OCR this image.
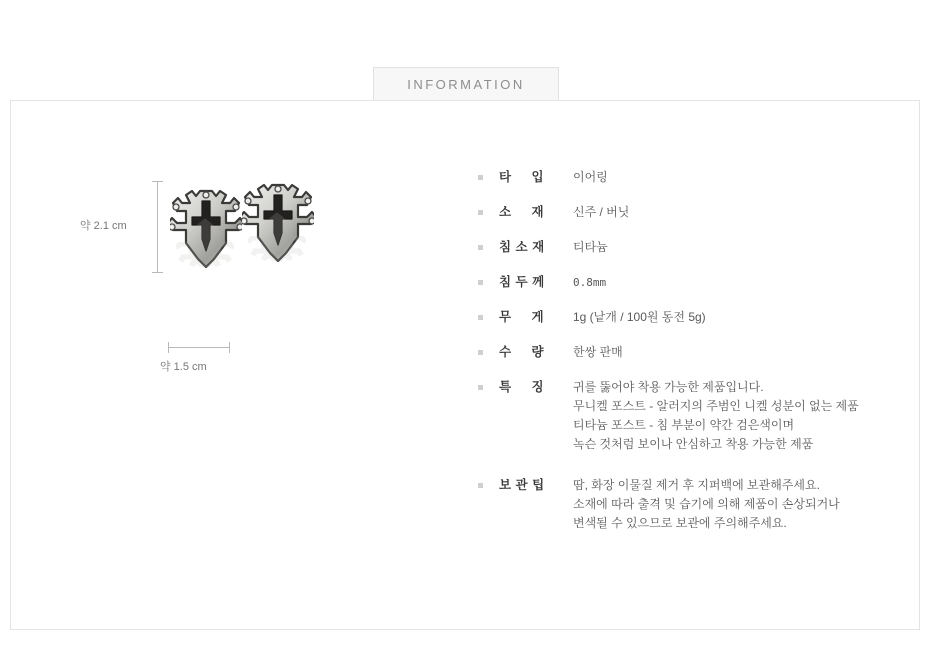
INFORMATION
약 2.1 cm
약 1.5 cm
타     입	이어링
소     재	신주 / 버닛
침 소 재	티타늄
침 두 께	0.8mm
무     게	1g (낱개 / 100원 동전 5g)
수     량	한쌍 판매
특     징	귀를 뚫어야 착용 가능한 제품입니다.
무니켈 포스트 - 알러지의 주범인 니켈 성분이 없는 제품
티타늄 포스트 - 침 부분이 약간 검은색이며
녹슨 것처럼 보이나 안심하고 착용 가능한 제품
보 관 팁	땀, 화장 이물질 제거 후 지퍼백에 보관해주세요.
소재에 따라 출격 및 습기에 의해 제품이 손상되거나
변색될 수 있으므로 보관에 주의해주세요.
